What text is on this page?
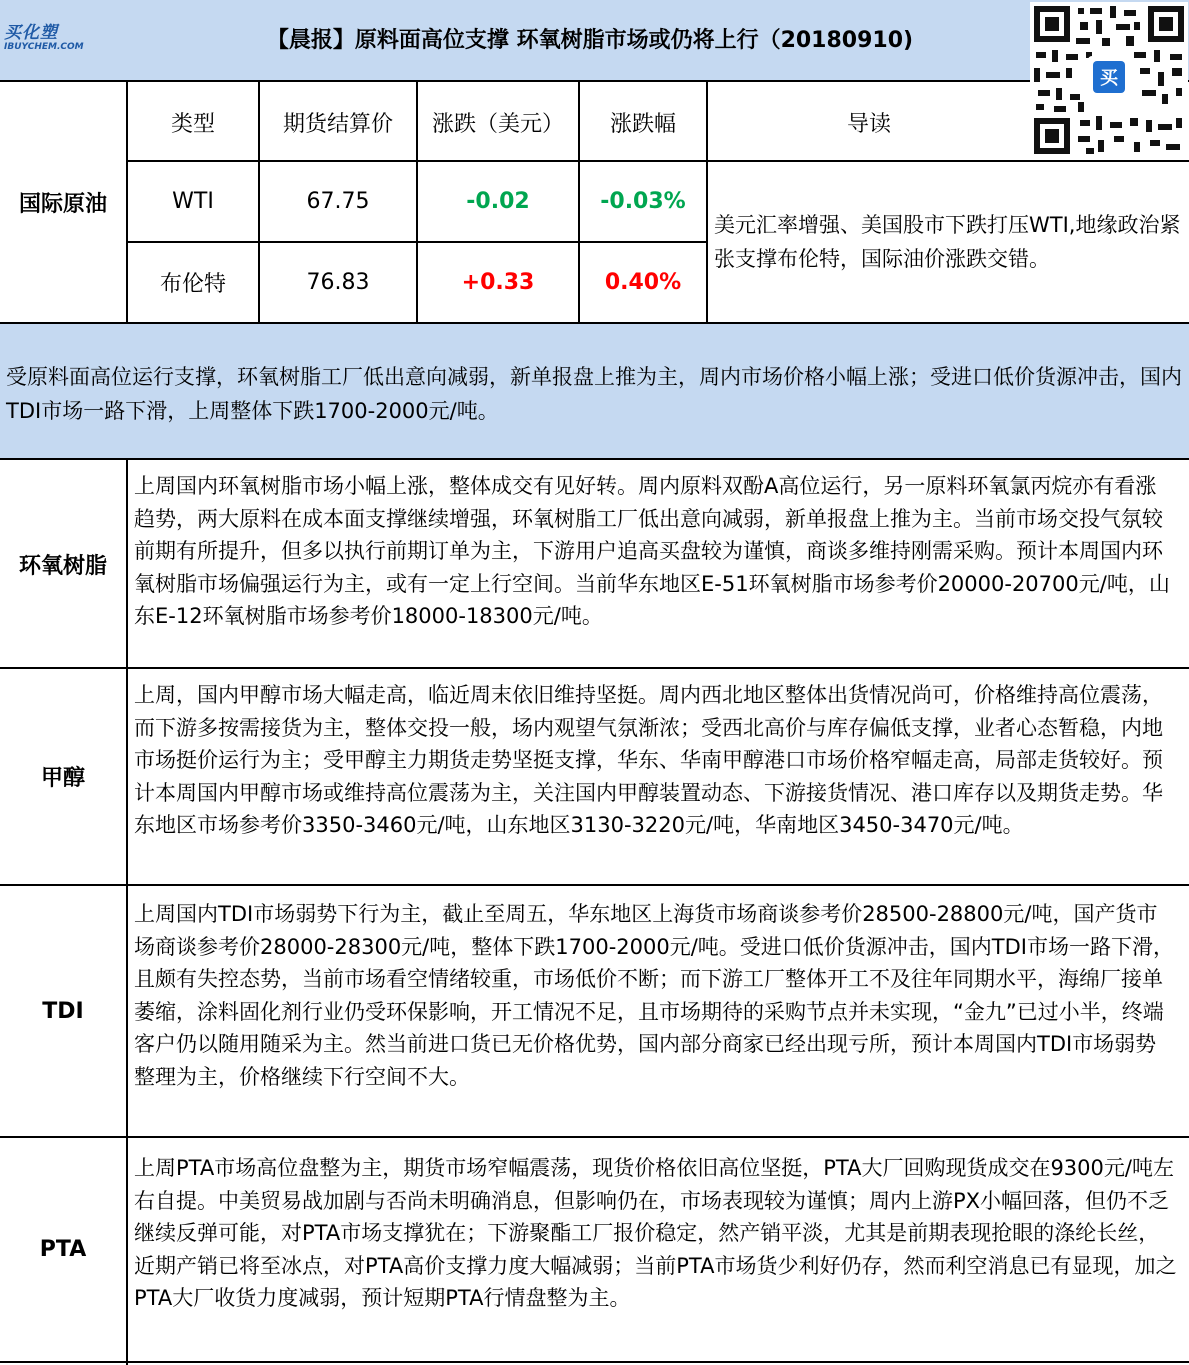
买化塑
IBUYCHEM.COM	【晨报】原料面高位支撑 环氧树脂市场或仍将上行（20180910)
买
国际原油
类型	期货结算价	涨跌（美元）	涨跌幅	导读
WTI	67.75	-0.02	-0.03%
布伦特	76.83	+0.33	0.40%
美元汇率增强、美国股市下跌打压WTI,地缘政治紧张支撑布伦特，国际油价涨跌交错。
受原料面高位运行支撑，环氧树脂工厂低出意向减弱，新单报盘上推为主，周内市场价格小幅上涨；受进口低价货源冲击，国内TDI市场一路下滑，上周整体下跌1700-2000元/吨。
环氧树脂
上周国内环氧树脂市场小幅上涨，整体成交有见好转。周内原料双酚A高位运行，另一原料环氧氯丙烷亦有看涨趋势，两大原料在成本面支撑继续增强，环氧树脂工厂低出意向减弱，新单报盘上推为主。当前市场交投气氛较前期有所提升，但多以执行前期订单为主，下游用户追高买盘较为谨慎，商谈多维持刚需采购。预计本周国内环氧树脂市场偏强运行为主，或有一定上行空间。当前华东地区E-51环氧树脂市场参考价20000-20700元/吨，山东E-12环氧树脂市场参考价18000-18300元/吨。
甲醇
上周，国内甲醇市场大幅走高，临近周末依旧维持坚挺。周内西北地区整体出货情况尚可，价格维持高位震荡，而下游多按需接货为主，整体交投一般，场内观望气氛渐浓；受西北高价与库存偏低支撑，业者心态暂稳，内地市场挺价运行为主；受甲醇主力期货走势坚挺支撑，华东、华南甲醇港口市场价格窄幅走高，局部走货较好。预计本周国内甲醇市场或维持高位震荡为主，关注国内甲醇装置动态、下游接货情况、港口库存以及期货走势。华东地区市场参考价3350-3460元/吨，山东地区3130-3220元/吨，华南地区3450-3470元/吨。
TDI
上周国内TDI市场弱势下行为主，截止至周五，华东地区上海货市场商谈参考价28500-28800元/吨，国产货市场商谈参考价28000-28300元/吨，整体下跌1700-2000元/吨。受进口低价货源冲击，国内TDI市场一路下滑，且颇有失控态势，当前市场看空情绪较重，市场低价不断；而下游工厂整体开工不及往年同期水平，海绵厂接单萎缩，涂料固化剂行业仍受环保影响，开工情况不足，且市场期待的采购节点并未实现，“金九”已过小半，终端客户仍以随用随采为主。然当前进口货已无价格优势，国内部分商家已经出现亏所，预计本周国内TDI市场弱势整理为主，价格继续下行空间不大。
PTA
上周PTA市场高位盘整为主，期货市场窄幅震荡，现货价格依旧高位坚挺，PTA大厂回购现货成交在9300元/吨左右自提。中美贸易战加剧与否尚未明确消息，但影响仍在，市场表现较为谨慎；周内上游PX小幅回落，但仍不乏继续反弹可能，对PTA市场支撑犹在；下游聚酯工厂报价稳定，然产销平淡，尤其是前期表现抢眼的涤纶长丝，近期产销已将至冰点，对PTA高价支撑力度大幅减弱；当前PTA市场货少利好仍存，然而利空消息已有显现，加之PTA大厂收货力度减弱，预计短期PTA行情盘整为主。
